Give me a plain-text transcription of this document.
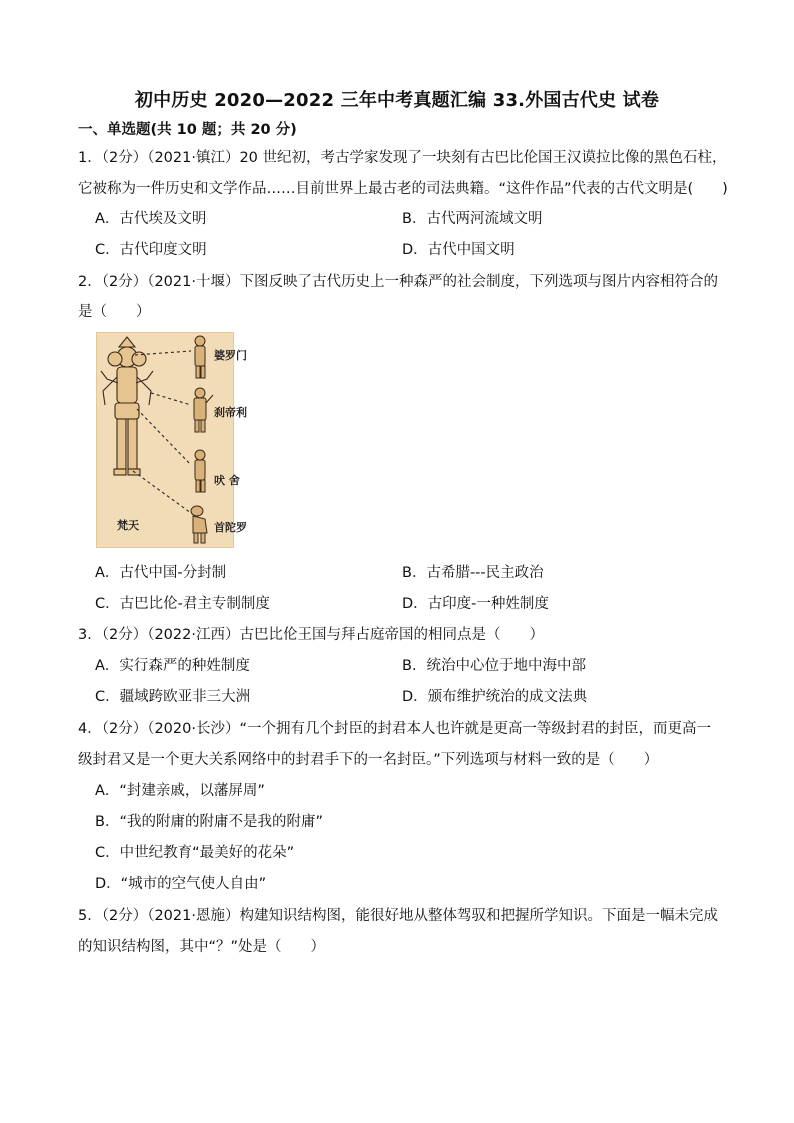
初中历史 2020—2022 三年中考真题汇编 33.外国古代史 试卷
一、单选题(共 10 题；共 20 分)
1．（2分）（2021·镇江）20 世纪初，考古学家发现了一块刻有古巴比伦国王汉谟拉比像的黑色石柱，
它被称为一件历史和文学作品……目前世界上最古老的司法典籍。“这件作品”代表的古代文明是(　　)
A．古代埃及文明	B．古代两河流域文明
C．古代印度文明	D．古代中国文明
2．（2分）（2021·十堰）下图反映了古代历史上一种森严的社会制度，下列选项与图片内容相符合的
是（　　）
婆罗门
刹帝利
吠 舍
首陀罗
梵天
A．古代中国-分封制	B．古希腊---民主政治
C．古巴比伦-君主专制制度	D．古印度-一种姓制度
3．（2分）（2022·江西）古巴比伦王国与拜占庭帝国的相同点是（　　）
A．实行森严的种姓制度	B．统治中心位于地中海中部
C．疆域跨欧亚非三大洲	D．颁布维护统治的成文法典
4．（2分）（2020·长沙）“一个拥有几个封臣的封君本人也许就是更高一等级封君的封臣，而更高一
级封君又是一个更大关系网络中的封君手下的一名封臣。”下列选项与材料一致的是（　　）
A．“封建亲戚，以藩屏周”
B．“我的附庸的附庸不是我的附庸”
C．中世纪教育“最美好的花朵”
D．“城市的空气使人自由”
5．（2分）（2021·恩施）构建知识结构图，能很好地从整体驾驭和把握所学知识。下面是一幅未完成
的知识结构图，其中“？”处是（　　）
